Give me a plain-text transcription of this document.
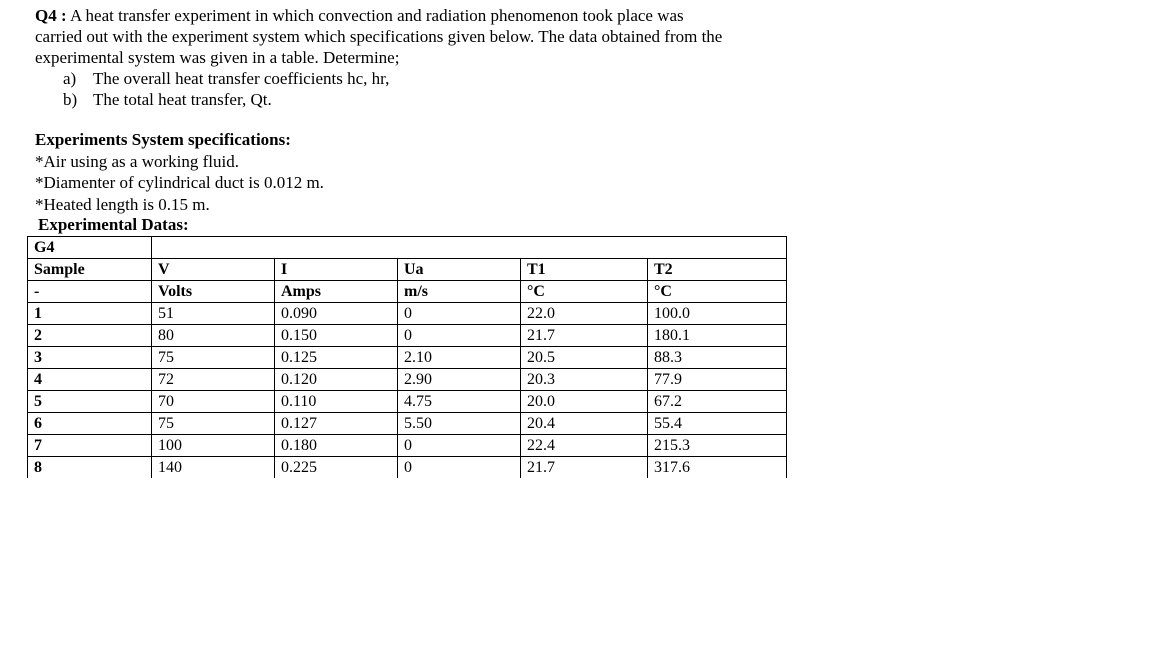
Q4 : A heat transfer experiment in which convection and radiation phenomenon took place was

carried out with the experiment system which specifications given below. The data obtained from the

experimental system was given in a table. Determine;

a) The overall heat transfer coefficients hc, hr,
b) The total heat transfer, Qt.

Experiments System specifications:

*Air using as a working fluid.

*Diamenter of cylindrical duct is 0.012 m.

*Heated length is 0.15 m.

Experimental Datas:
G4					
Sample	V	I	Ua	T1	T2
-	Volts	Amps	m/s	°C	°C
1	51	0.090	0	22.0	100.0
2	80	0.150	0	21.7	180.1
3	75	0.125	2.10	20.5	88.3
4	72	0.120	2.90	20.3	77.9
5	70	0.110	4.75	20.0	67.2
6	75	0.127	5.50	20.4	55.4
7	100	0.180	0	22.4	215.3
8	140	0.225	0	21.7	317.6
